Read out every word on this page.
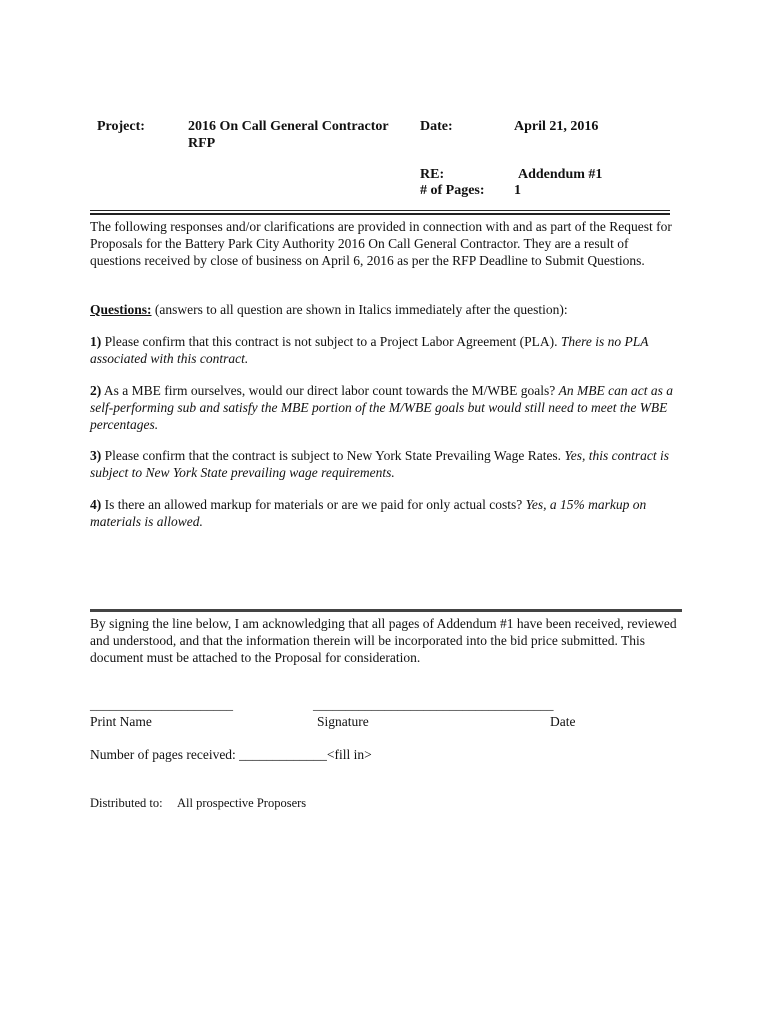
Project:	2016 On Call General Contractor RFP
Date:	April 21, 2016
RE:	Addendum #1
# of Pages: 1
The following responses and/or clarifications are provided in connection with and as part of the Request for Proposals for the Battery Park City Authority 2016 On Call General Contractor. They are a result of questions received by close of business on April 6, 2016 as per the RFP Deadline to Submit Questions.
Questions: (answers to all question are shown in Italics immediately after the question):
1) Please confirm that this contract is not subject to a Project Labor Agreement (PLA). There is no PLA associated with this contract.
2) As a MBE firm ourselves, would our direct labor count towards the M/WBE goals? An MBE can act as a self-performing sub and satisfy the MBE portion of the M/WBE goals but would still need to meet the WBE percentages.
3) Please confirm that the contract is subject to New York State Prevailing Wage Rates. Yes, this contract is subject to New York State prevailing wage requirements.
4) Is there an allowed markup for materials or are we paid for only actual costs? Yes, a 15% markup on materials is allowed.
By signing the line below, I am acknowledging that all pages of Addendum #1 have been received, reviewed and understood, and that the information therein will be incorporated into the bid price submitted. This document must be attached to the Proposal for consideration.
______________________	_____________________________________
Print Name	Signature	Date
Number of pages received: _____________<fill in>
Distributed to: All prospective Proposers
